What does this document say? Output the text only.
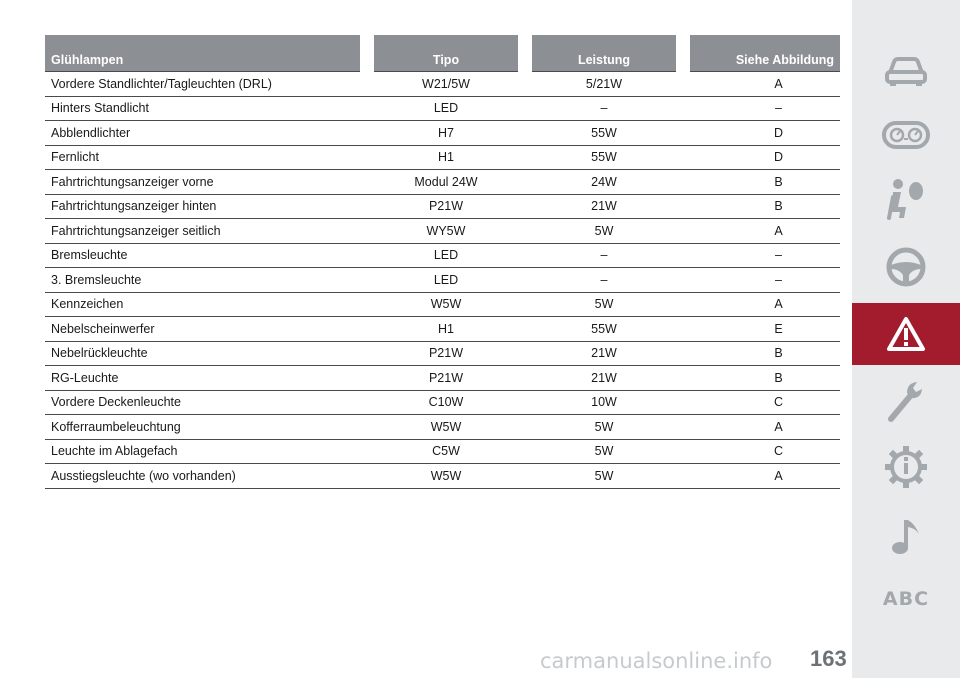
Glühlampen	Tipo	Leistung	Siehe Abbildung
Vordere Standlichter/Tagleuchten (DRL)	W21/5W	5/21W	A
Hinters Standlicht	LED	–	–
Abblendlichter	H7	55W	D
Fernlicht	H1	55W	D
Fahrtrichtungsanzeiger vorne	Modul 24W	24W	B
Fahrtrichtungsanzeiger hinten	P21W	21W	B
Fahrtrichtungsanzeiger seitlich	WY5W	5W	A
Bremsleuchte	LED	–	–
3. Bremsleuchte	LED	–	–
Kennzeichen	W5W	5W	A
Nebelscheinwerfer	H1	55W	E
Nebelrückleuchte	P21W	21W	B
RG-Leuchte	P21W	21W	B
Vordere Deckenleuchte	C10W	10W	C
Kofferraumbeleuchtung	W5W	5W	A
Leuchte im Ablagefach	C5W	5W	C
Ausstiegsleuchte (wo vorhanden)	W5W	5W	A
ABC
carmanualsonline.info 163
